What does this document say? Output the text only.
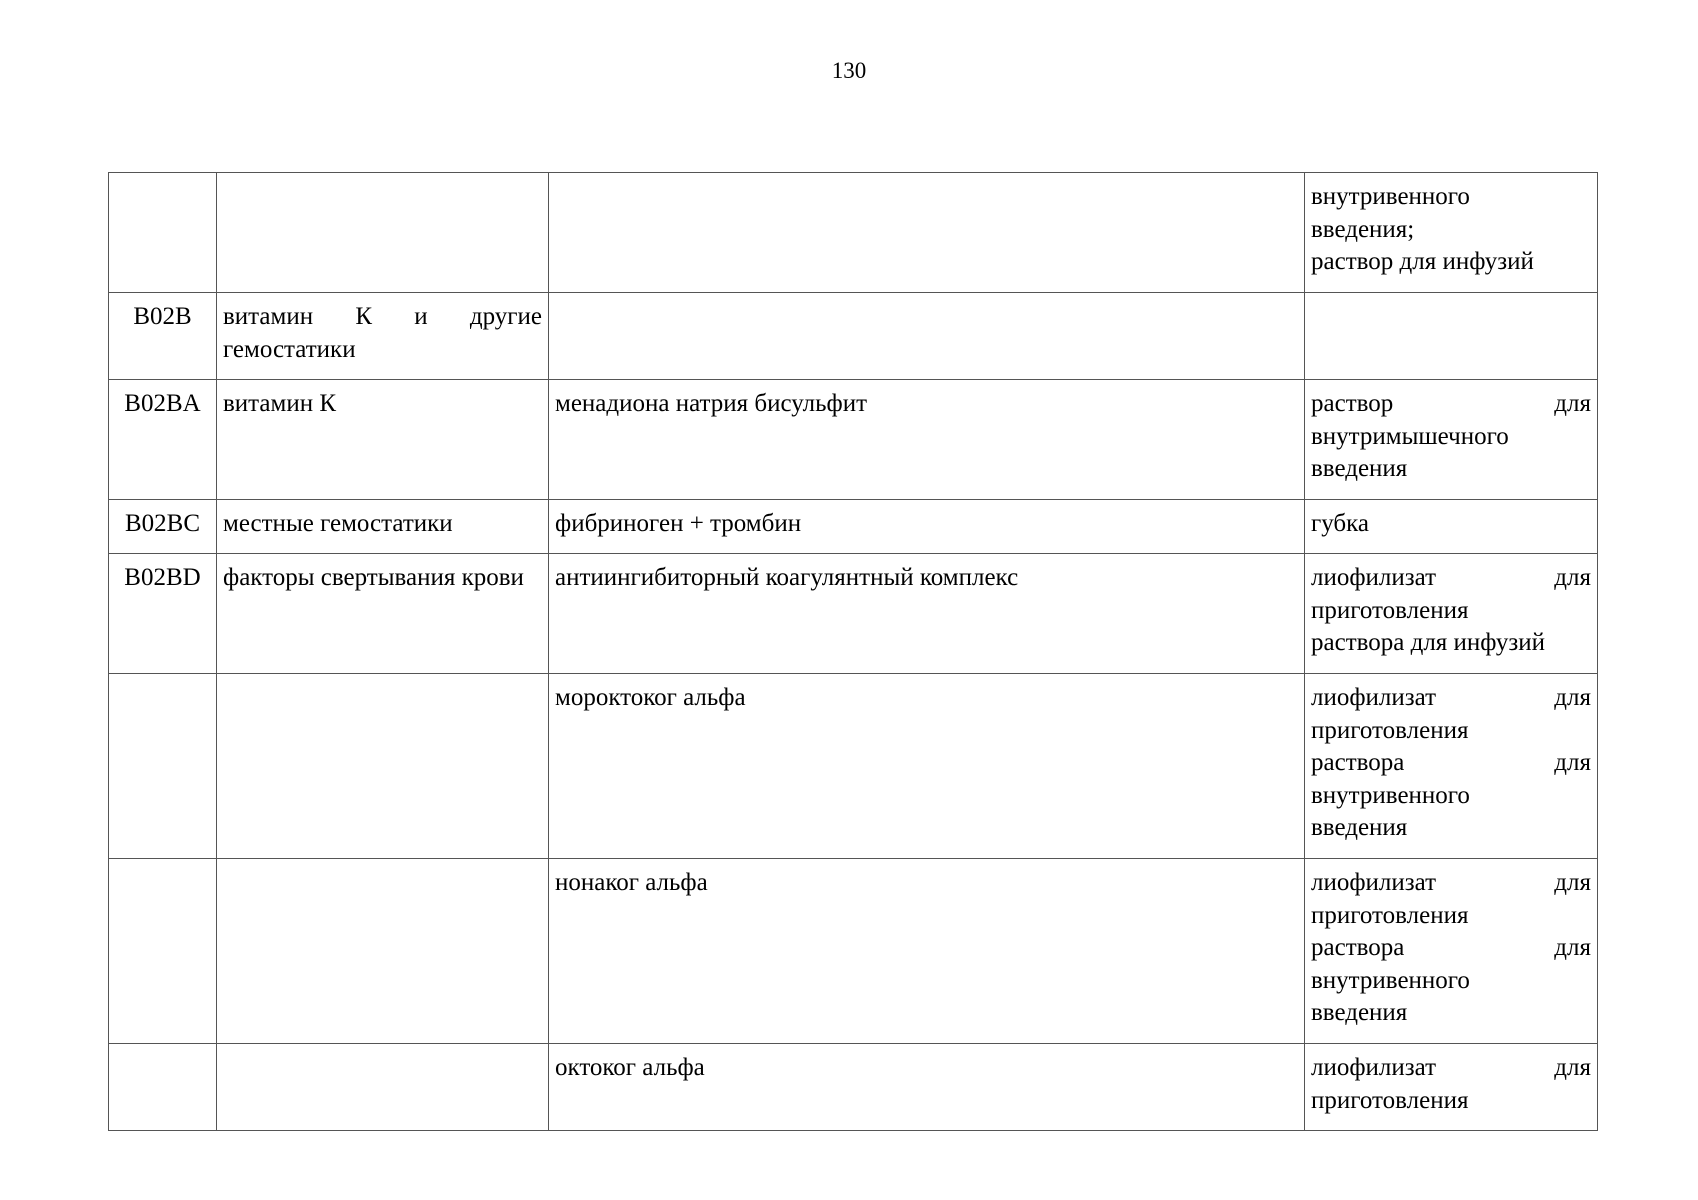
130

			внутривенного
введения;
раствор для инфузий

B02B	витамин К и другие гемостатики		
B02BA	витамин К	менадиона натрия бисульфит	раствор для
внутримышечного
введения

B02BC	местные гемостатики	фибриноген + тромбин	губка

B02BD	факторы свертывания крови	антиингибиторный коагулянтный комплекс	лиофилизат для
приготовления
раствора для инфузий

		мороктоког альфа	лиофилизат для
приготовления
раствора для
внутривенного
введения

		нонаког альфа	лиофилизат для
приготовления
раствора для
внутривенного
введения

		октоког альфа	лиофилизат для
приготовления
